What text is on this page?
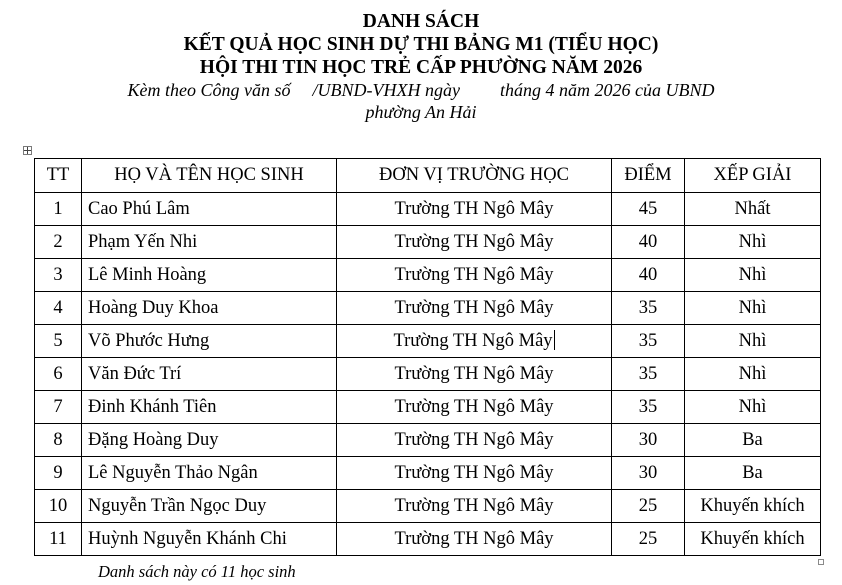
DANH SÁCH
KẾT QUẢ HỌC SINH DỰ THI BẢNG M1 (TIỂU HỌC)
HỘI THI TIN HỌC TRẺ CẤP PHƯỜNG NĂM 2026
Kèm theo Công văn số /UBND-VHXH ngày tháng 4 năm 2026 của UBND
phường An Hải
TT	HỌ VÀ TÊN HỌC SINH	ĐƠN VỊ TRƯỜNG HỌC	ĐIỂM	XẾP GIẢI
1	Cao Phú Lâm	Trường TH Ngô Mây	45	Nhất
2	Phạm Yến Nhi	Trường TH Ngô Mây	40	Nhì
3	Lê Minh Hoàng	Trường TH Ngô Mây	40	Nhì
4	Hoàng Duy Khoa	Trường TH Ngô Mây	35	Nhì
5	Võ Phước Hưng	Trường TH Ngô Mây	35	Nhì
6	Văn Đức Trí	Trường TH Ngô Mây	35	Nhì
7	Đinh Khánh Tiên	Trường TH Ngô Mây	35	Nhì
8	Đặng Hoàng Duy	Trường TH Ngô Mây	30	Ba
9	Lê Nguyễn Thảo Ngân	Trường TH Ngô Mây	30	Ba
10	Nguyễn Trần Ngọc Duy	Trường TH Ngô Mây	25	Khuyến khích
11	Huỳnh Nguyễn Khánh Chi	Trường TH Ngô Mây	25	Khuyến khích
Danh sách này có 11 học sinh
